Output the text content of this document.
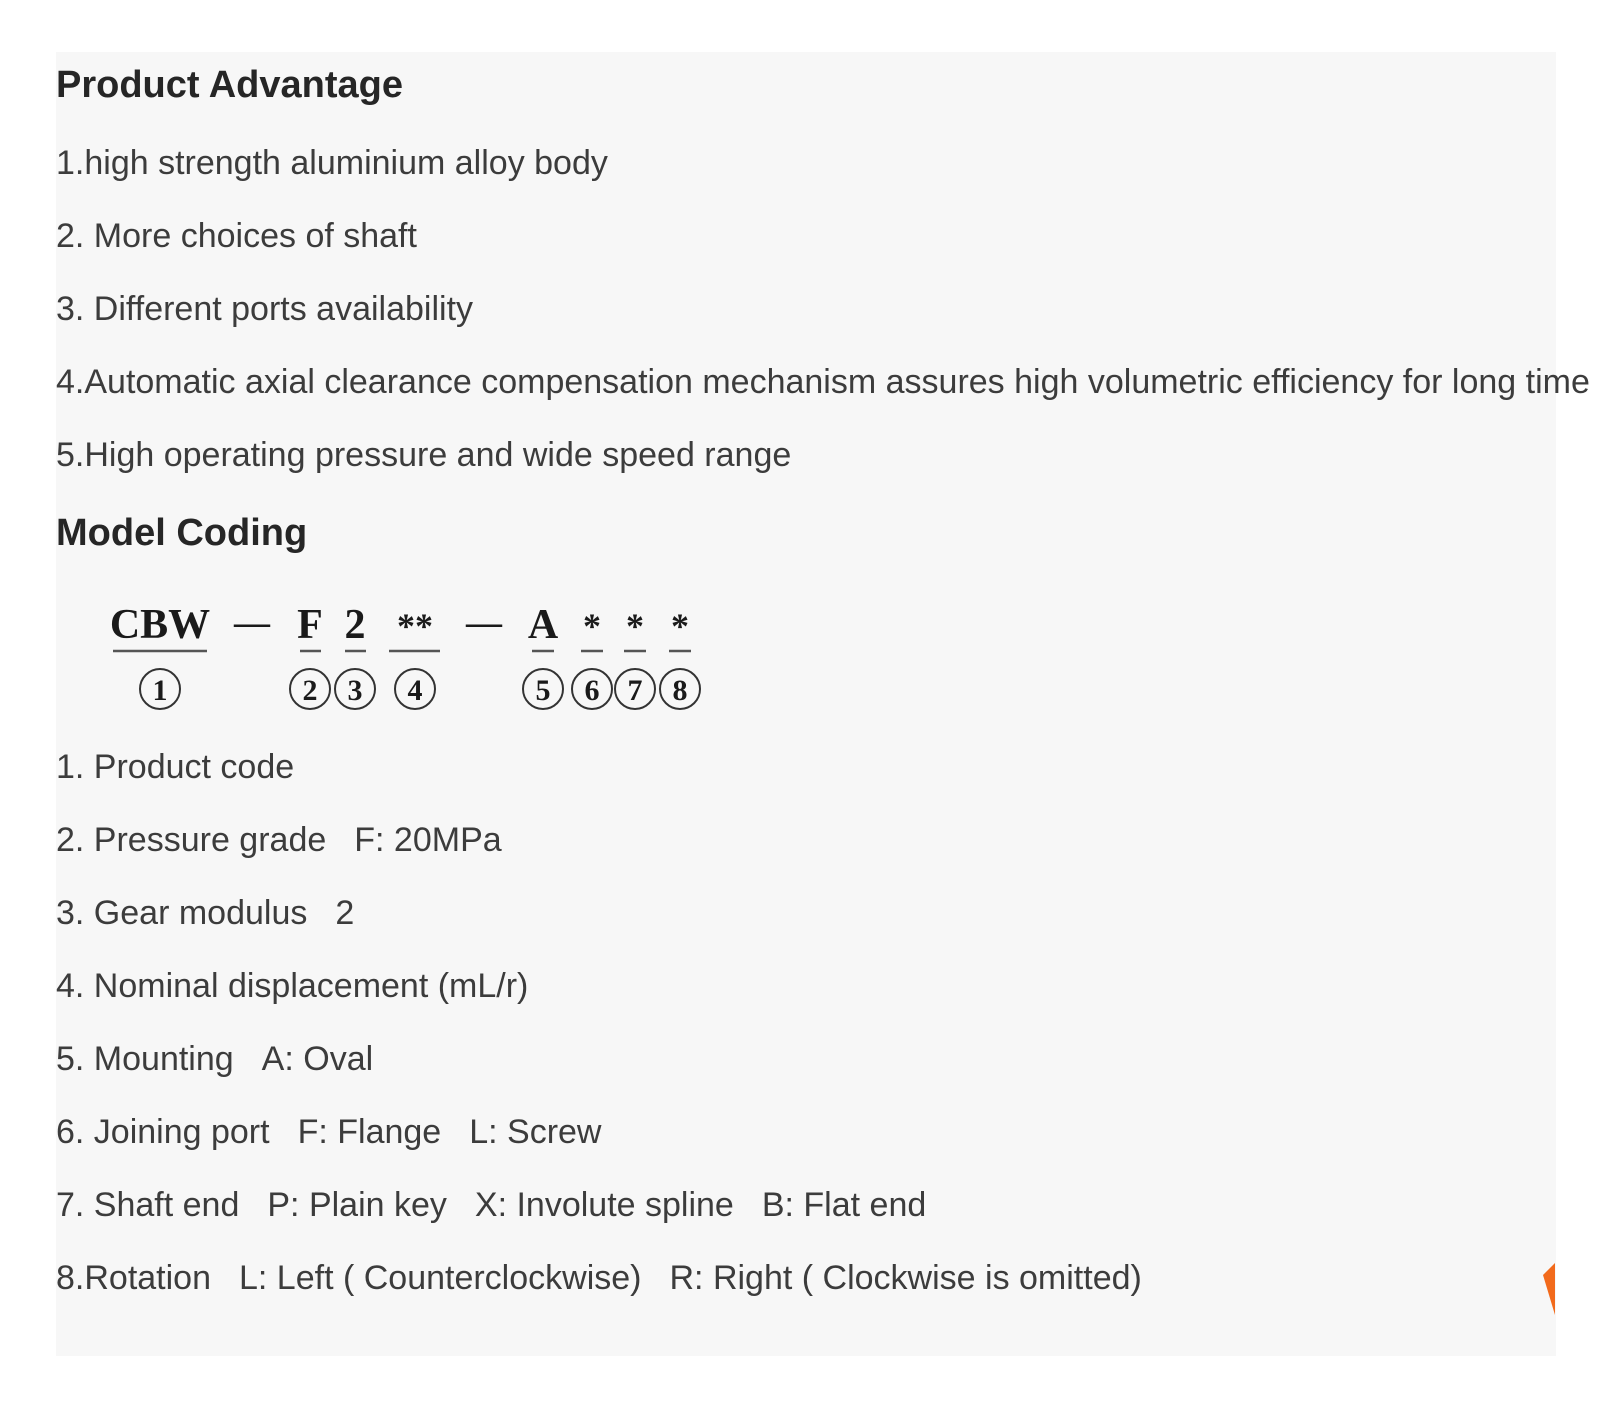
Product Advantage

1.high strength aluminium alloy body

2. More choices of shaft

3. Different ports availability

4.Automatic axial clearance compensation mechanism assures high volumetric efficiency for long time

5.High operating pressure and wide speed range

Model Coding
CBW — F 2 ** — A * * *
1	2 3 4	5 6 7 8

1. Product code

2. Pressure grade F: 20MPa

3. Gear modulus 2

4. Nominal displacement (mL/r)

5. Mounting A: Oval

6. Joining port F: Flange L: Screw

7. Shaft end P: Plain key X: Involute spline B: Flat end

8.Rotation L: Left ( Counterclockwise) R: Right ( Clockwise is omitted)
